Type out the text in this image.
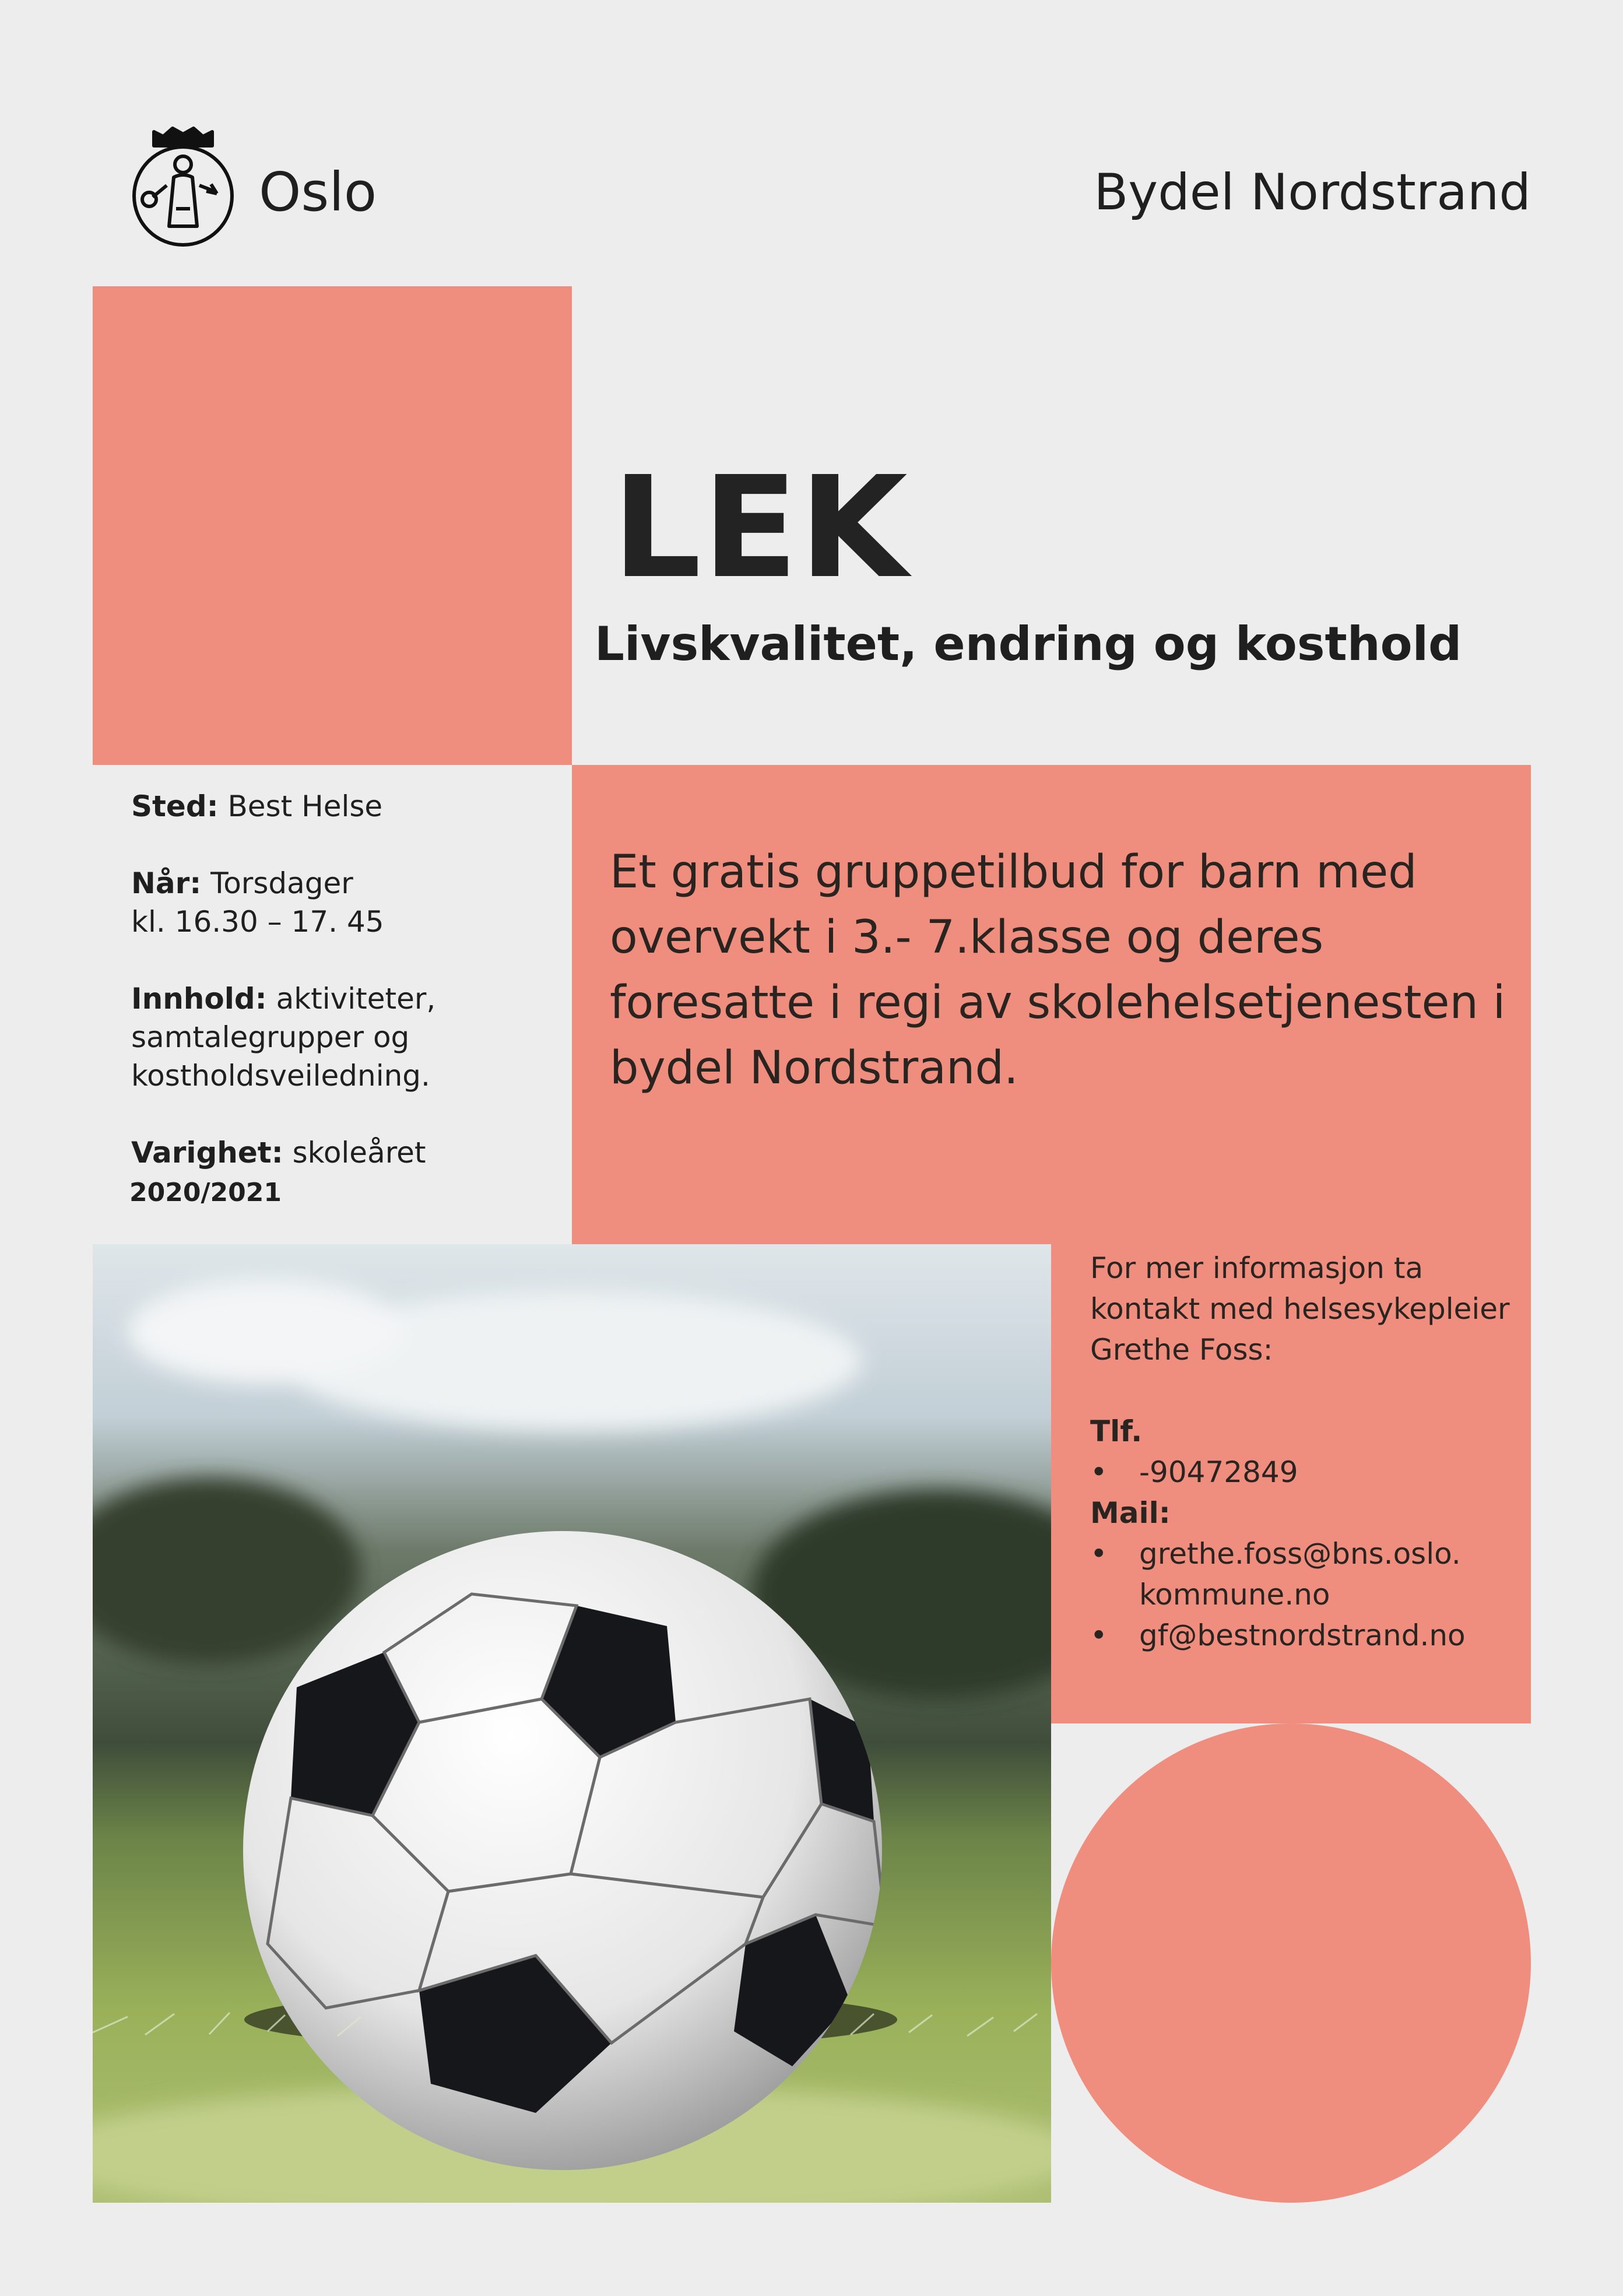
Oslo	Bydel Nordstrand
LEK
Livskvalitet, endring og kosthold

Sted: Best Helse

Når: Torsdager
kl. 16.30 – 17. 45

Innhold: aktiviteter, samtalegrupper og kostholdsveiledning.

Varighet: skoleåret
2020/2021

Et gratis gruppetilbud for barn med overvekt i 3.- 7.klasse og deres foresatte i regi av skolehelsetjenesten i bydel Nordstrand.
For mer informasjon ta kontakt med helsesykepleier Grethe Foss:
Tlf.
• -90472849
Mail:
• grethe.foss@bns.oslo. kommune.no
• gf@bestnordstrand.no
